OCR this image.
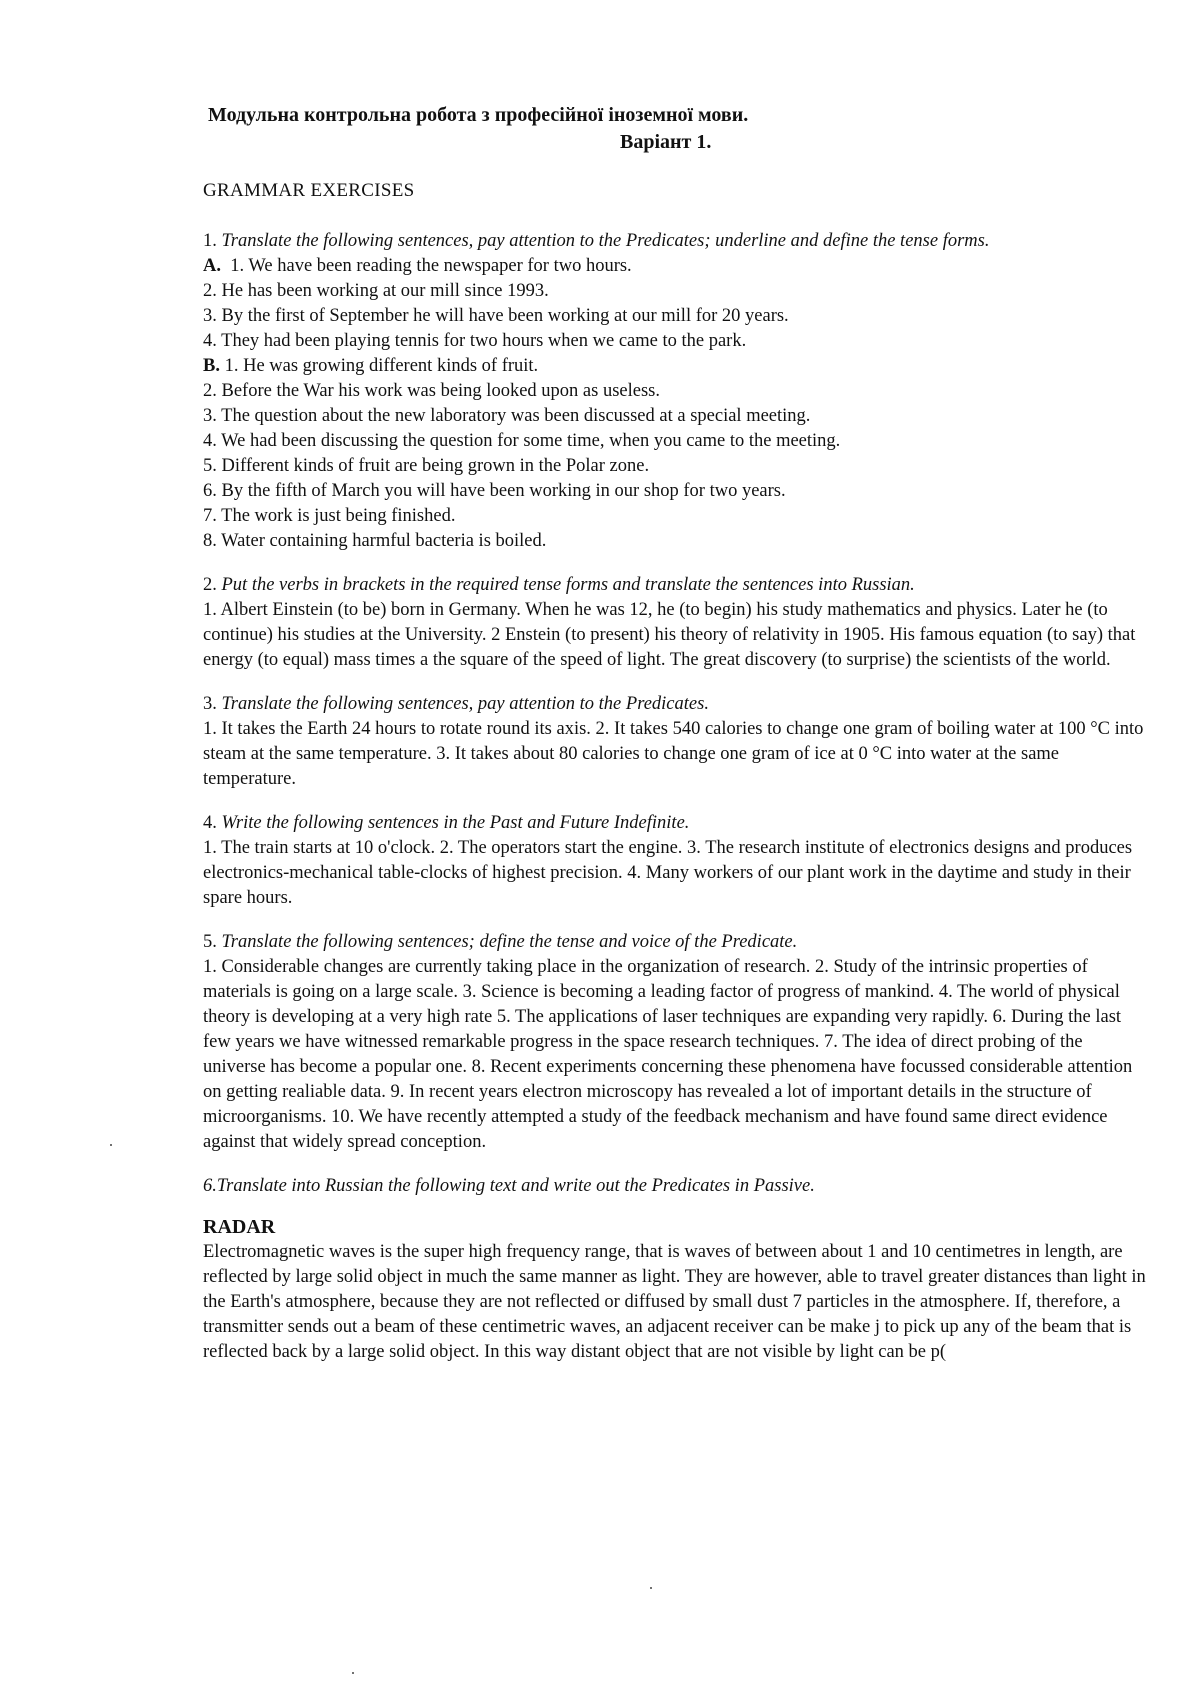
Модульна контрольна робота з професійної іноземної мови.
Варіант 1.
GRAMMAR EXERCISES

1. Translate the following sentences, pay attention to the Predicates; underline and define the tense forms.

A. 1. We have been reading the newspaper for two hours.

2. He has been working at our mill since 1993.

3. By the first of September he will have been working at our mill for 20 years.

4. They had been playing tennis for two hours when we came to the park.

B. 1. He was growing different kinds of fruit.

2. Before the War his work was being looked upon as useless.

3. The question about the new laboratory was been discussed at a special meeting.

4. We had been discussing the question for some time, when you came to the meeting.

5. Different kinds of fruit are being grown in the Polar zone.

6. By the fifth of March you will have been working in our shop for two years.

7. The work is just being finished.

8. Water containing harmful bacteria is boiled.

2. Put the verbs in brackets in the required tense forms and translate the sentences into Russian.

1. Albert Einstein (to be) born in Germany. When he was 12, he (to begin) his study mathematics and physics. Later he (to continue) his studies at the University. 2 Enstein (to present) his theory of relativity in 1905. His famous equation (to say) that energy (to equal) mass times a the square of the speed of light. The great discovery (to surprise) the scientists of the world.

3. Translate the following sentences, pay attention to the Predicates.

1. It takes the Earth 24 hours to rotate round its axis. 2. It takes 540 calories to change one gram of boiling water at 100 °C into steam at the same temperature. 3. It takes about 80 calories to change one gram of ice at 0 °C into water at the same temperature.

4. Write the following sentences in the Past and Future Indefinite.

1. The train starts at 10 o'clock. 2. The operators start the engine. 3. The research institute of electronics designs and produces electronics-mechanical table-clocks of highest precision. 4. Many workers of our plant work in the daytime and study in their spare hours.

5. Translate the following sentences; define the tense and voice of the Predicate.

1. Considerable changes are currently taking place in the organization of research. 2. Study of the intrinsic properties of materials is going on a large scale. 3. Science is becoming a leading factor of progress of mankind. 4. The world of physical theory is developing at a very high rate 5. The applications of laser techniques are expanding very rapidly. 6. During the last few years we have witnessed remarkable progress in the space research techniques. 7. The idea of direct probing of the universe has become a popular one. 8. Recent experiments concerning these phenomena have focussed considerable attention on getting realiable data. 9. In recent years electron microscopy has revealed a lot of important details in the structure of microorganisms. 10. We have recently attempted a study of the feedback mechanism and have found same direct evidence against that widely spread conception.

6.Translate into Russian the following text and write out the Predicates in Passive.

RADAR

Electromagnetic waves is the super high frequency range, that is waves of between about 1 and 10 centimetres in length, are reflected by large solid object in much the same manner as light. They are however, able to travel greater distances than light in the Earth's atmosphere, because they are not reflected or diffused by small dust 7 particles in the atmosphere. If, therefore, a transmitter sends out a beam of these centimetric waves, an adjacent receiver can be make j to pick up any of the beam that is reflected back by a large solid object. In this way distant object that are not visible by light can be p(
